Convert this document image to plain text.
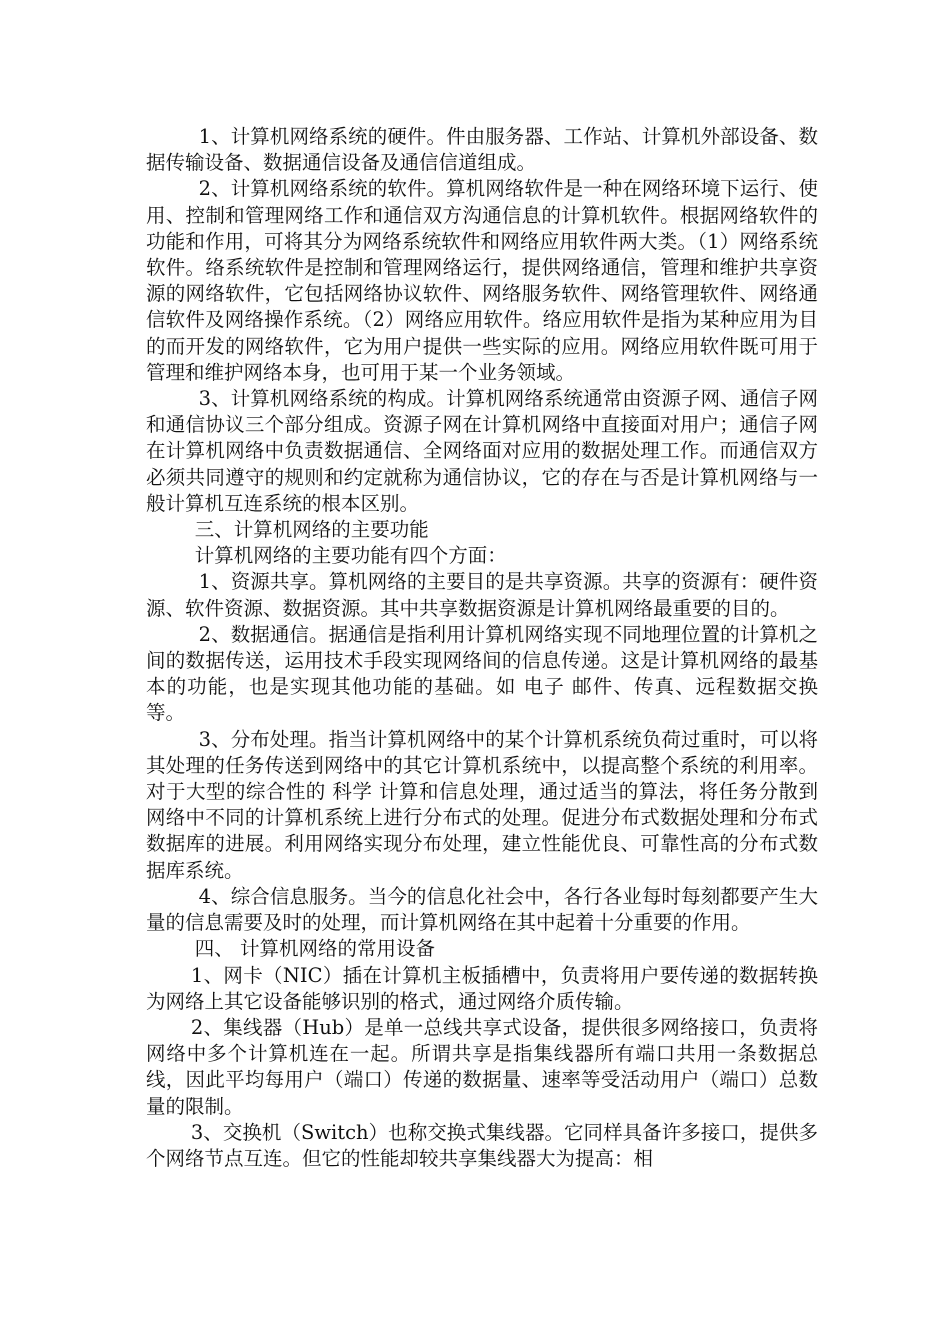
1、计算机网络系统的硬件。件由服务器、工作站、计算机外部设备、数据传输设备、数据通信设备及通信信道组成。

2、计算机网络系统的软件。算机网络软件是一种在网络环境下运行、使用、控制和管理网络工作和通信双方沟通信息的计算机软件。根据网络软件的功能和作用，可将其分为网络系统软件和网络应用软件两大类。（1）网络系统软件。络系统软件是控制和管理网络运行，提供网络通信，管理和维护共享资源的网络软件，它包括网络协议软件、网络服务软件、网络管理软件、网络通信软件及网络操作系统。（2）网络应用软件。络应用软件是指为某种应用为目的而开发的网络软件，它为用户提供一些实际的应用。网络应用软件既可用于管理和维护网络本身，也可用于某一个业务领域。

3、计算机网络系统的构成。计算机网络系统通常由资源子网、通信子网和通信协议三个部分组成。资源子网在计算机网络中直接面对用户；通信子网在计算机网络中负责数据通信、全网络面对应用的数据处理工作。而通信双方必须共同遵守的规则和约定就称为通信协议，它的存在与否是计算机网络与一般计算机互连系统的根本区别。

三、计算机网络的主要功能

计算机网络的主要功能有四个方面：

1、资源共享。算机网络的主要目的是共享资源。共享的资源有：硬件资源、软件资源、数据资源。其中共享数据资源是计算机网络最重要的目的。

2、数据通信。据通信是指利用计算机网络实现不同地理位置的计算机之间的数据传送，运用技术手段实现网络间的信息传递。这是计算机网络的最基本的功能，也是实现其他功能的基础。如 电子 邮件、传真、远程数据交换等。

3、分布处理。指当计算机网络中的某个计算机系统负荷过重时，可以将其处理的任务传送到网络中的其它计算机系统中，以提高整个系统的利用率。对于大型的综合性的 科学 计算和信息处理，通过适当的算法，将任务分散到网络中不同的计算机系统上进行分布式的处理。促进分布式数据处理和分布式数据库的进展。利用网络实现分布处理，建立性能优良、可靠性高的分布式数据库系统。

4、综合信息服务。当今的信息化社会中，各行各业每时每刻都要产生大量的信息需要及时的处理，而计算机网络在其中起着十分重要的作用。

四、 计算机网络的常用设备

1、网卡（NIC）插在计算机主板插槽中，负责将用户要传递的数据转换为网络上其它设备能够识别的格式，通过网络介质传输。

2、集线器（Hub）是单一总线共享式设备，提供很多网络接口，负责将网络中多个计算机连在一起。所谓共享是指集线器所有端口共用一条数据总线，因此平均每用户（端口）传递的数据量、速率等受活动用户（端口）总数量的限制。

3、交换机（Switch）也称交换式集线器。它同样具备许多接口，提供多个网络节点互连。但它的性能却较共享集线器大为提高：相
